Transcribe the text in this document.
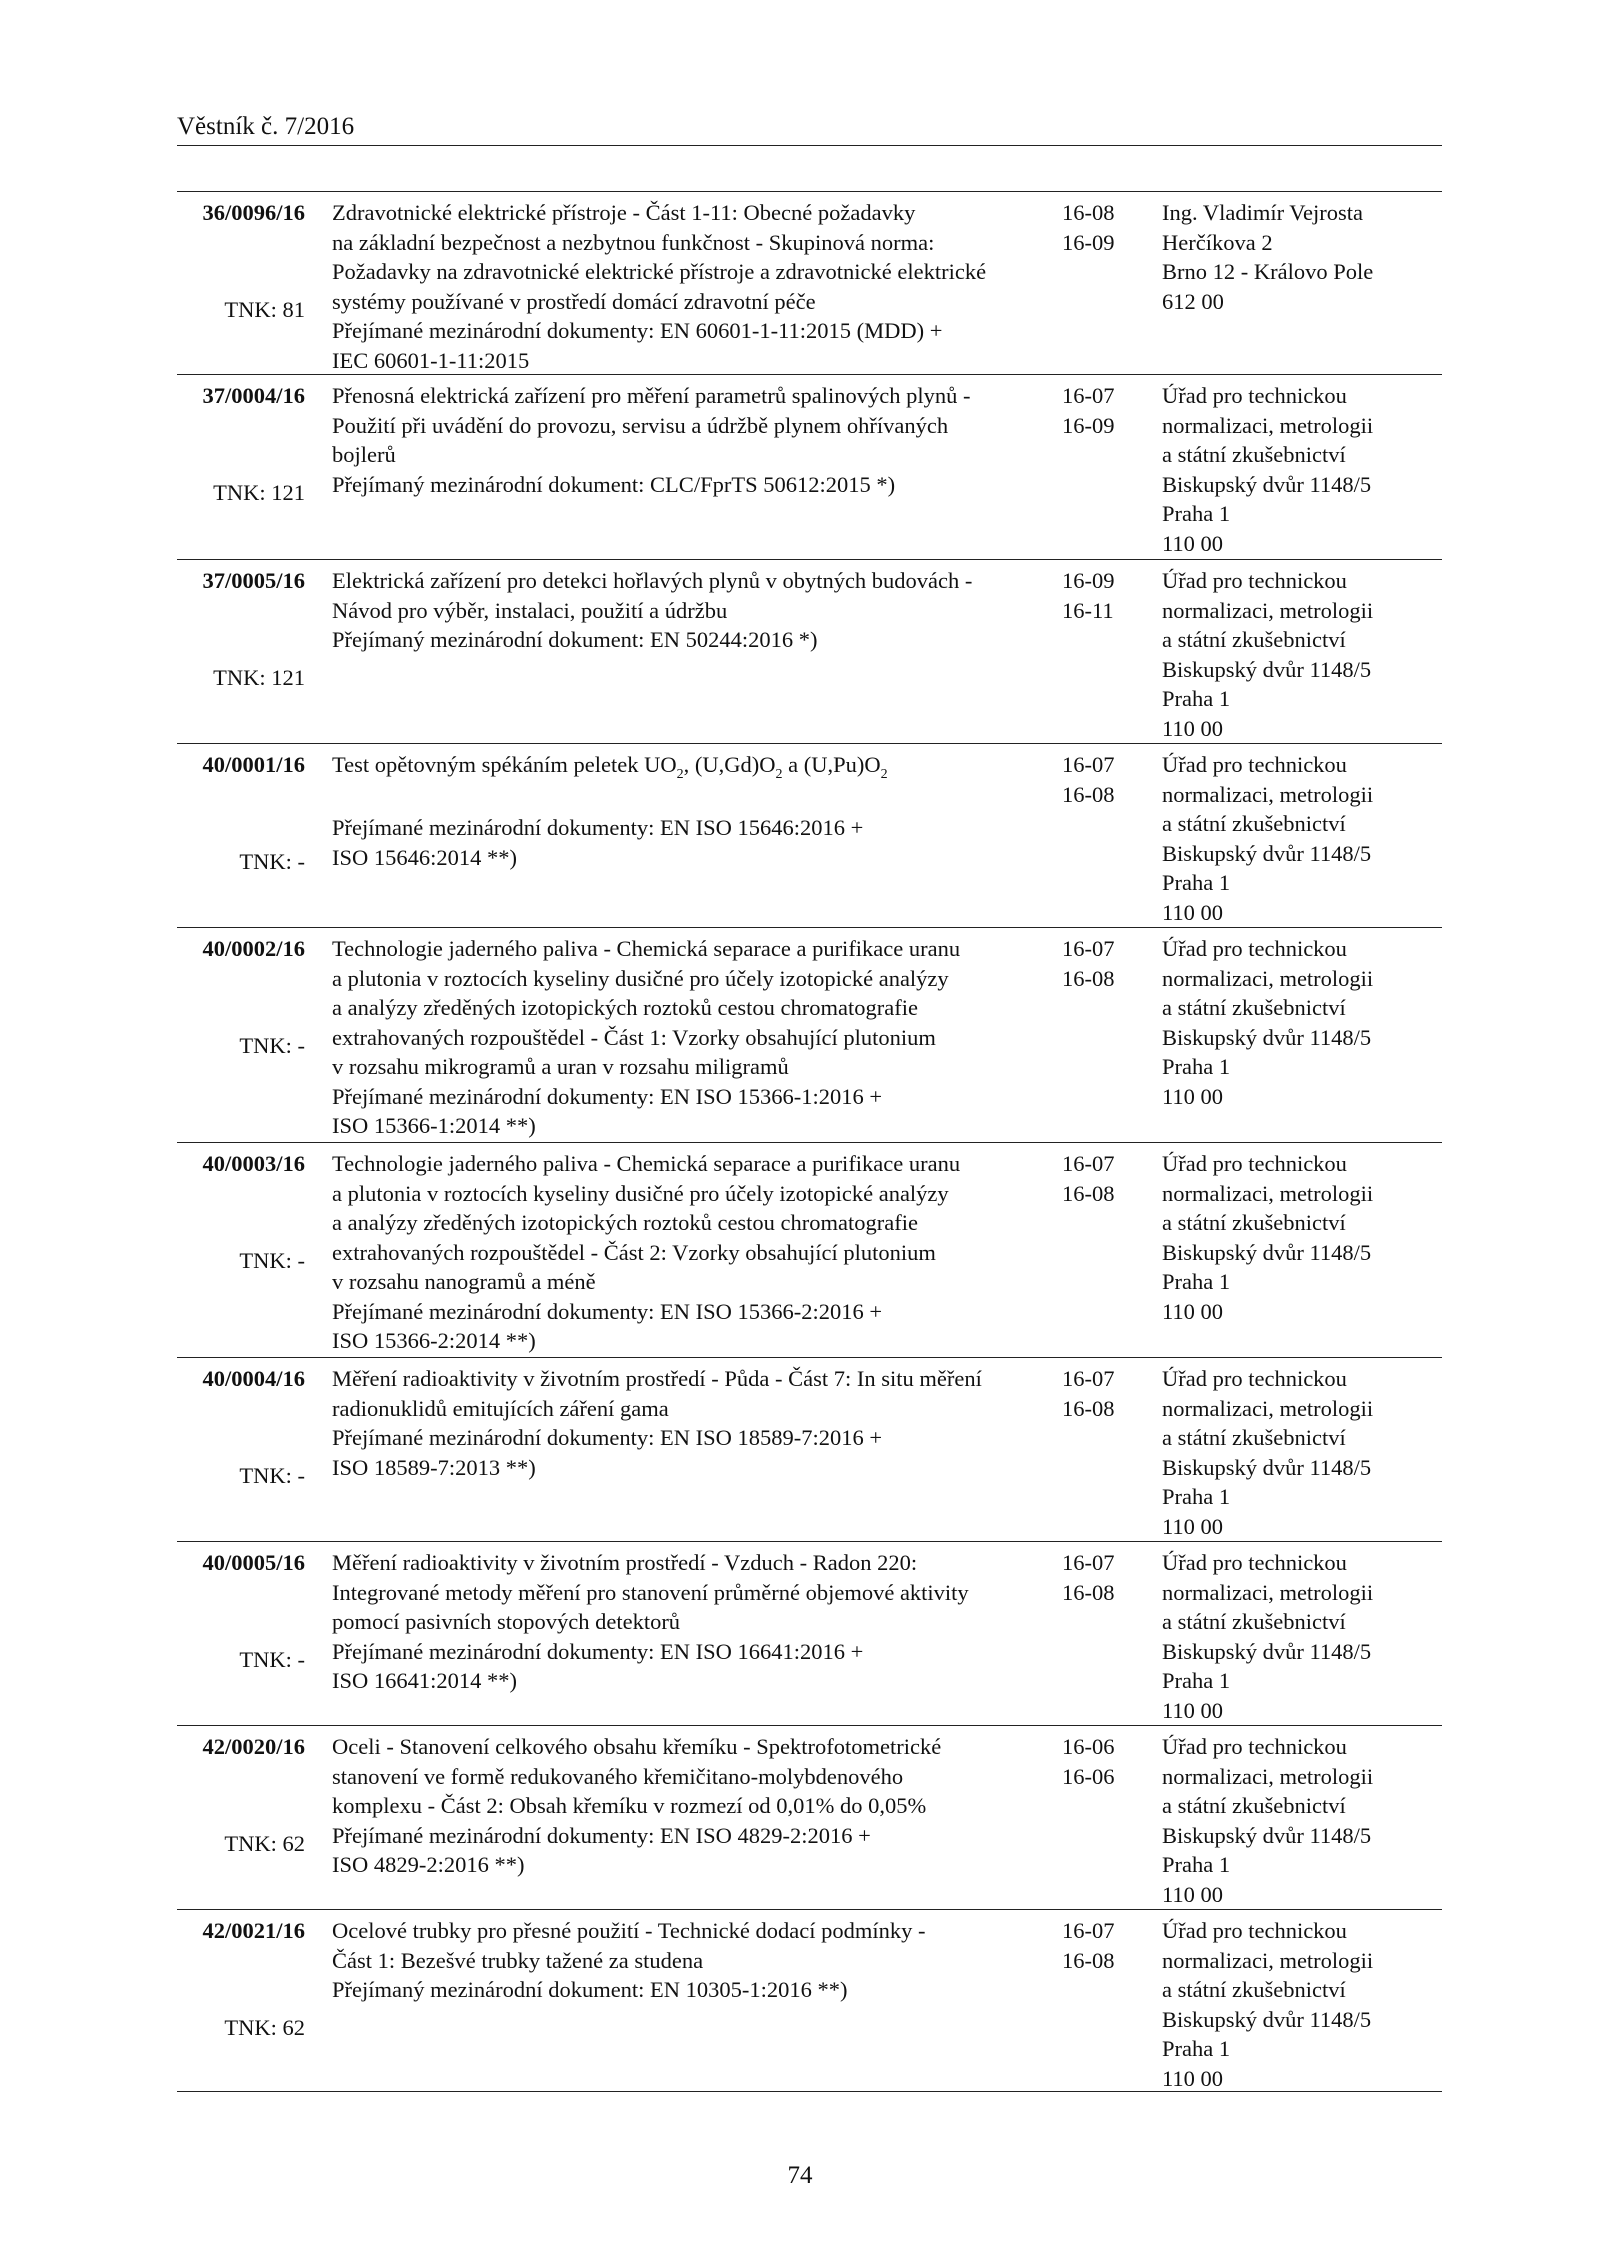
Věstník č. 7/2016
36/0096/16
TNK: 81
Zdravotnické elektrické přístroje - Část 1-11: Obecné požadavky
na základní bezpečnost a nezbytnou funkčnost - Skupinová norma:
Požadavky na zdravotnické elektrické přístroje a zdravotnické elektrické
systémy používané v prostředí domácí zdravotní péče
Přejímané mezinárodní dokumenty: EN 60601-1-11:2015 (MDD) +
IEC 60601-1-11:2015
16-08
16-09
Ing. Vladimír Vejrosta
Herčíkova 2
Brno 12 - Královo Pole
612 00
37/0004/16
TNK: 121
Přenosná elektrická zařízení pro měření parametrů spalinových plynů -
Použití při uvádění do provozu, servisu a údržbě plynem ohřívaných
bojlerů
Přejímaný mezinárodní dokument: CLC/FprTS 50612:2015 *)
16-07
16-09
Úřad pro technickou
normalizaci, metrologii
a státní zkušebnictví
Biskupský dvůr 1148/5
Praha 1
110 00
37/0005/16
TNK: 121
Elektrická zařízení pro detekci hořlavých plynů v obytných budovách -
Návod pro výběr, instalaci, použití a údržbu
Přejímaný mezinárodní dokument: EN 50244:2016 *)
16-09
16-11
Úřad pro technickou
normalizaci, metrologii
a státní zkušebnictví
Biskupský dvůr 1148/5
Praha 1
110 00
40/0001/16
TNK: -
Test opětovným spékáním peletek $UO_2$, $(U,Gd)O_2$ a $(U,Pu)O_2$

Přejímané mezinárodní dokumenty: EN ISO 15646:2016 +
ISO 15646:2014 **)
16-07
16-08
Úřad pro technickou
normalizaci, metrologii
a státní zkušebnictví
Biskupský dvůr 1148/5
Praha 1
110 00
40/0002/16
TNK: -
Technologie jaderného paliva - Chemická separace a purifikace uranu
a plutonia v roztocích kyseliny dusičné pro účely izotopické analýzy
a analýzy zředěných izotopických roztoků cestou chromatografie
extrahovaných rozpouštědel - Část 1: Vzorky obsahující plutonium
v rozsahu mikrogramů a uran v rozsahu miligramů
Přejímané mezinárodní dokumenty: EN ISO 15366-1:2016 +
ISO 15366-1:2014 **)
16-07
16-08
Úřad pro technickou
normalizaci, metrologii
a státní zkušebnictví
Biskupský dvůr 1148/5
Praha 1
110 00
40/0003/16
TNK: -
Technologie jaderného paliva - Chemická separace a purifikace uranu
a plutonia v roztocích kyseliny dusičné pro účely izotopické analýzy
a analýzy zředěných izotopických roztoků cestou chromatografie
extrahovaných rozpouštědel - Část 2: Vzorky obsahující plutonium
v rozsahu nanogramů a méně
Přejímané mezinárodní dokumenty: EN ISO 15366-2:2016 +
ISO 15366-2:2014 **)
16-07
16-08
Úřad pro technickou
normalizaci, metrologii
a státní zkušebnictví
Biskupský dvůr 1148/5
Praha 1
110 00
40/0004/16
TNK: -
Měření radioaktivity v životním prostředí - Půda - Část 7: In situ měření
radionuklidů emitujících záření gama
Přejímané mezinárodní dokumenty: EN ISO 18589-7:2016 +
ISO 18589-7:2013 **)
16-07
16-08
Úřad pro technickou
normalizaci, metrologii
a státní zkušebnictví
Biskupský dvůr 1148/5
Praha 1
110 00
40/0005/16
TNK: -
Měření radioaktivity v životním prostředí - Vzduch - Radon 220:
Integrované metody měření pro stanovení průměrné objemové aktivity
pomocí pasivních stopových detektorů
Přejímané mezinárodní dokumenty: EN ISO 16641:2016 +
ISO 16641:2014 **)
16-07
16-08
Úřad pro technickou
normalizaci, metrologii
a státní zkušebnictví
Biskupský dvůr 1148/5
Praha 1
110 00
42/0020/16
TNK: 62
Oceli - Stanovení celkového obsahu křemíku - Spektrofotometrické
stanovení ve formě redukovaného křemičitano-molybdenového
komplexu - Část 2: Obsah křemíku v rozmezí od 0,01% do 0,05%
Přejímané mezinárodní dokumenty: EN ISO 4829-2:2016 +
ISO 4829-2:2016 **)
16-06
16-06
Úřad pro technickou
normalizaci, metrologii
a státní zkušebnictví
Biskupský dvůr 1148/5
Praha 1
110 00
42/0021/16
TNK: 62
Ocelové trubky pro přesné použití - Technické dodací podmínky -
Část 1: Bezešvé trubky tažené za studena
Přejímaný mezinárodní dokument: EN 10305-1:2016 **)
16-07
16-08
Úřad pro technickou
normalizaci, metrologii
a státní zkušebnictví
Biskupský dvůr 1148/5
Praha 1
110 00
74
